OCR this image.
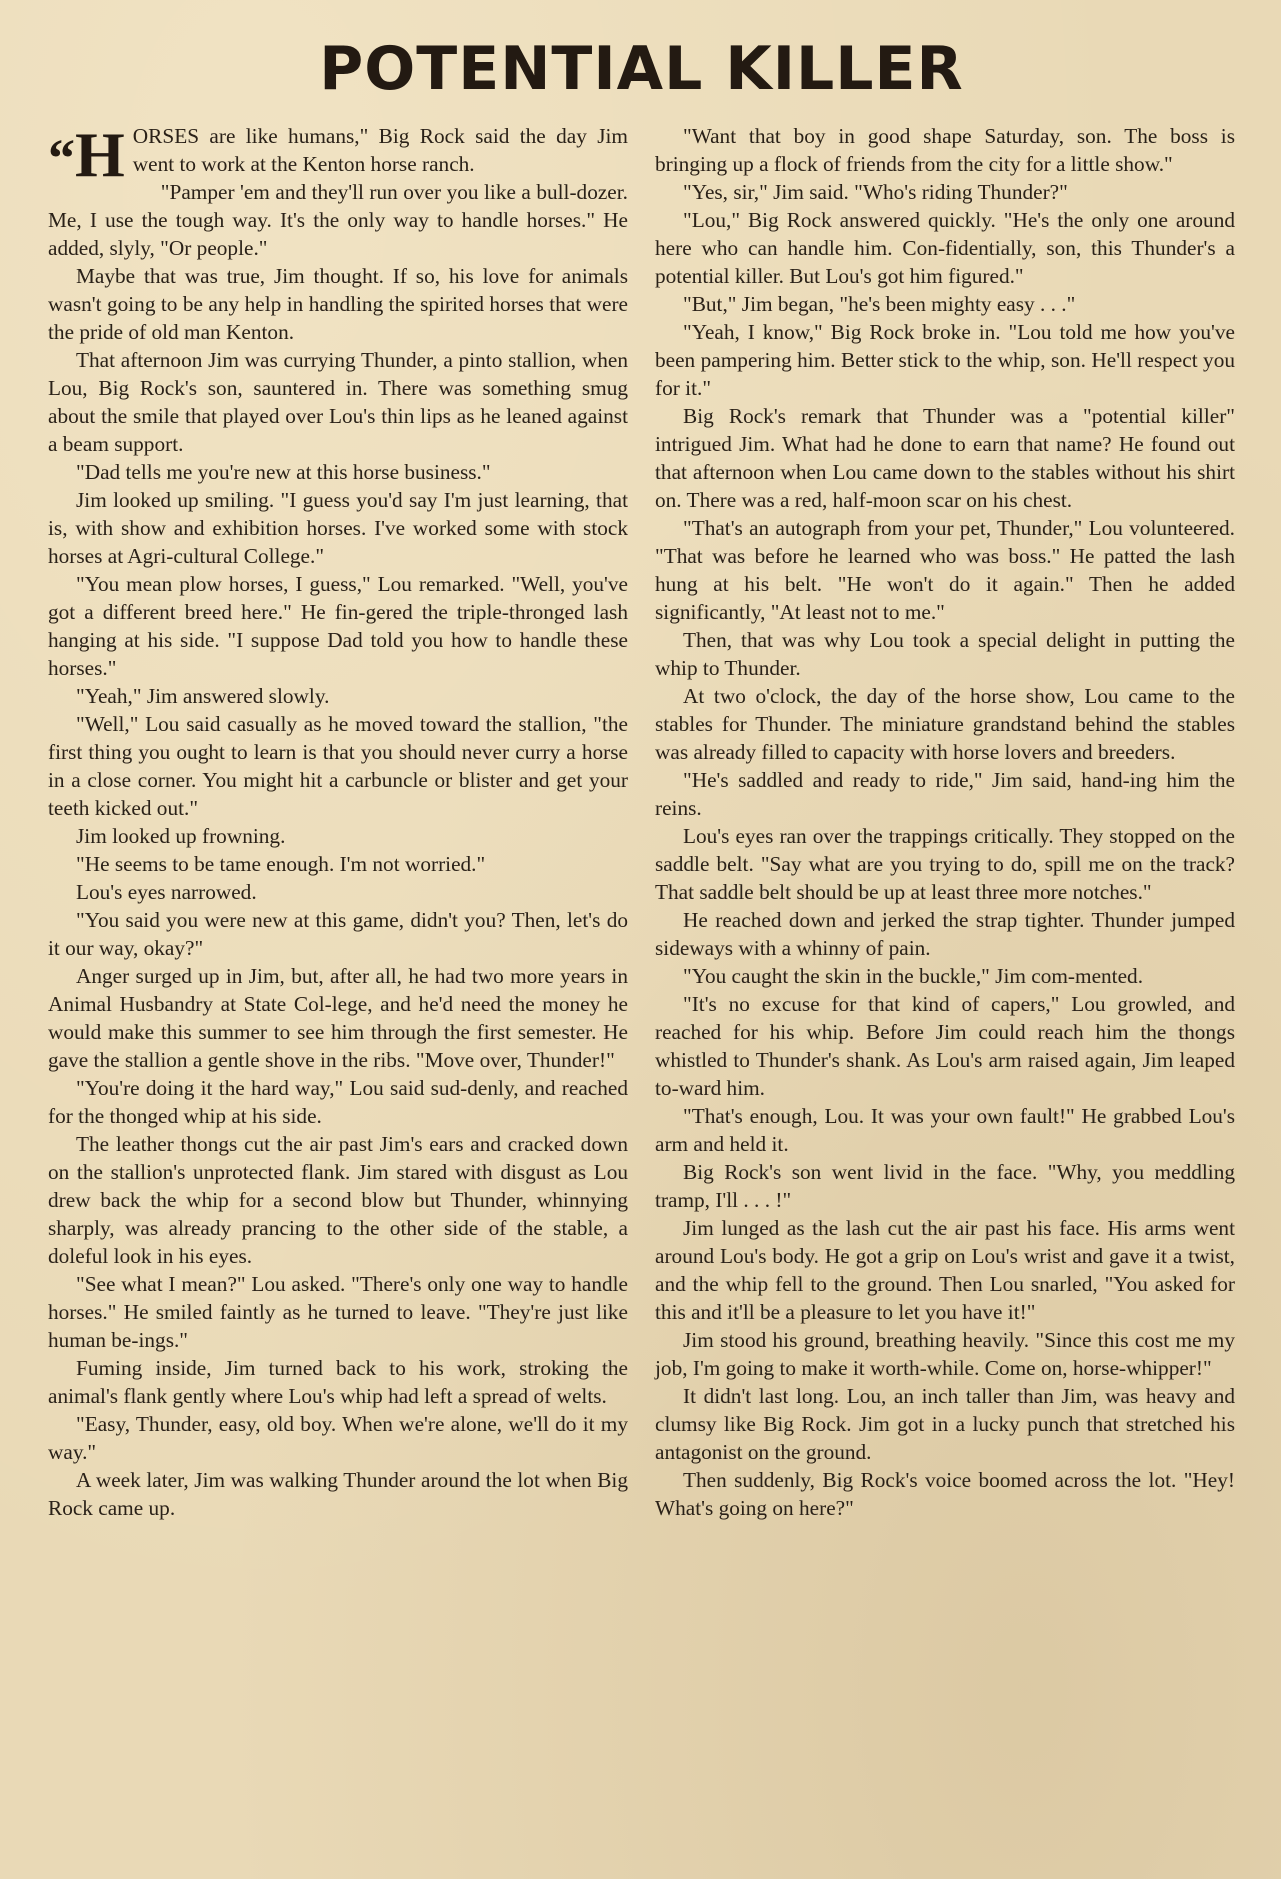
POTENTIAL KILLER

“H ORSES are like humans," Big Rock said the day Jim went to work at the Kenton horse ranch.

"Pamper 'em and they'll run over you like a bull-dozer. Me, I use the tough way. It's the only way to handle horses." He added, slyly, "Or people."

Maybe that was true, Jim thought. If so, his love for animals wasn't going to be any help in handling the spirited horses that were the pride of old man Kenton.

That afternoon Jim was currying Thunder, a pinto stallion, when Lou, Big Rock's son, sauntered in. There was something smug about the smile that played over Lou's thin lips as he leaned against a beam support.

"Dad tells me you're new at this horse business."

Jim looked up smiling. "I guess you'd say I'm just learning, that is, with show and exhibition horses. I've worked some with stock horses at Agri-cultural College."

"You mean plow horses, I guess," Lou remarked. "Well, you've got a different breed here." He fin-gered the triple-thronged lash hanging at his side. "I suppose Dad told you how to handle these horses."

"Yeah," Jim answered slowly.

"Well," Lou said casually as he moved toward the stallion, "the first thing you ought to learn is that you should never curry a horse in a close corner. You might hit a carbuncle or blister and get your teeth kicked out."

Jim looked up frowning.

"He seems to be tame enough. I'm not worried."

Lou's eyes narrowed.

"You said you were new at this game, didn't you? Then, let's do it our way, okay?"

Anger surged up in Jim, but, after all, he had two more years in Animal Husbandry at State Col-lege, and he'd need the money he would make this summer to see him through the first semester. He gave the stallion a gentle shove in the ribs. "Move over, Thunder!"

"You're doing it the hard way," Lou said sud-denly, and reached for the thonged whip at his side.

The leather thongs cut the air past Jim's ears and cracked down on the stallion's unprotected flank. Jim stared with disgust as Lou drew back the whip for a second blow but Thunder, whinnying sharply, was already prancing to the other side of the stable, a doleful look in his eyes.

"See what I mean?" Lou asked. "There's only one way to handle horses." He smiled faintly as he turned to leave. "They're just like human be-ings."

Fuming inside, Jim turned back to his work, stroking the animal's flank gently where Lou's whip had left a spread of welts.

"Easy, Thunder, easy, old boy. When we're alone, we'll do it my way."

A week later, Jim was walking Thunder around the lot when Big Rock came up.

"Want that boy in good shape Saturday, son. The boss is bringing up a flock of friends from the city for a little show."

"Yes, sir," Jim said. "Who's riding Thunder?"

"Lou," Big Rock answered quickly. "He's the only one around here who can handle him. Con-fidentially, son, this Thunder's a potential killer. But Lou's got him figured."

"But," Jim began, "he's been mighty easy . . ."

"Yeah, I know," Big Rock broke in. "Lou told me how you've been pampering him. Better stick to the whip, son. He'll respect you for it."

Big Rock's remark that Thunder was a "potential killer" intrigued Jim. What had he done to earn that name? He found out that afternoon when Lou came down to the stables without his shirt on. There was a red, half-moon scar on his chest.

"That's an autograph from your pet, Thunder," Lou volunteered. "That was before he learned who was boss." He patted the lash hung at his belt. "He won't do it again." Then he added significantly, "At least not to me."

Then, that was why Lou took a special delight in putting the whip to Thunder.

At two o'clock, the day of the horse show, Lou came to the stables for Thunder. The miniature grandstand behind the stables was already filled to capacity with horse lovers and breeders.

"He's saddled and ready to ride," Jim said, hand-ing him the reins.

Lou's eyes ran over the trappings critically. They stopped on the saddle belt. "Say what are you trying to do, spill me on the track? That saddle belt should be up at least three more notches."

He reached down and jerked the strap tighter. Thunder jumped sideways with a whinny of pain.

"You caught the skin in the buckle," Jim com-mented.

"It's no excuse for that kind of capers," Lou growled, and reached for his whip. Before Jim could reach him the thongs whistled to Thunder's shank. As Lou's arm raised again, Jim leaped to-ward him.

"That's enough, Lou. It was your own fault!" He grabbed Lou's arm and held it.

Big Rock's son went livid in the face. "Why, you meddling tramp, I'll . . . !"

Jim lunged as the lash cut the air past his face. His arms went around Lou's body. He got a grip on Lou's wrist and gave it a twist, and the whip fell to the ground. Then Lou snarled, "You asked for this and it'll be a pleasure to let you have it!"

Jim stood his ground, breathing heavily. "Since this cost me my job, I'm going to make it worth-while. Come on, horse-whipper!"

It didn't last long. Lou, an inch taller than Jim, was heavy and clumsy like Big Rock. Jim got in a lucky punch that stretched his antagonist on the ground.

Then suddenly, Big Rock's voice boomed across the lot. "Hey! What's going on here?"
